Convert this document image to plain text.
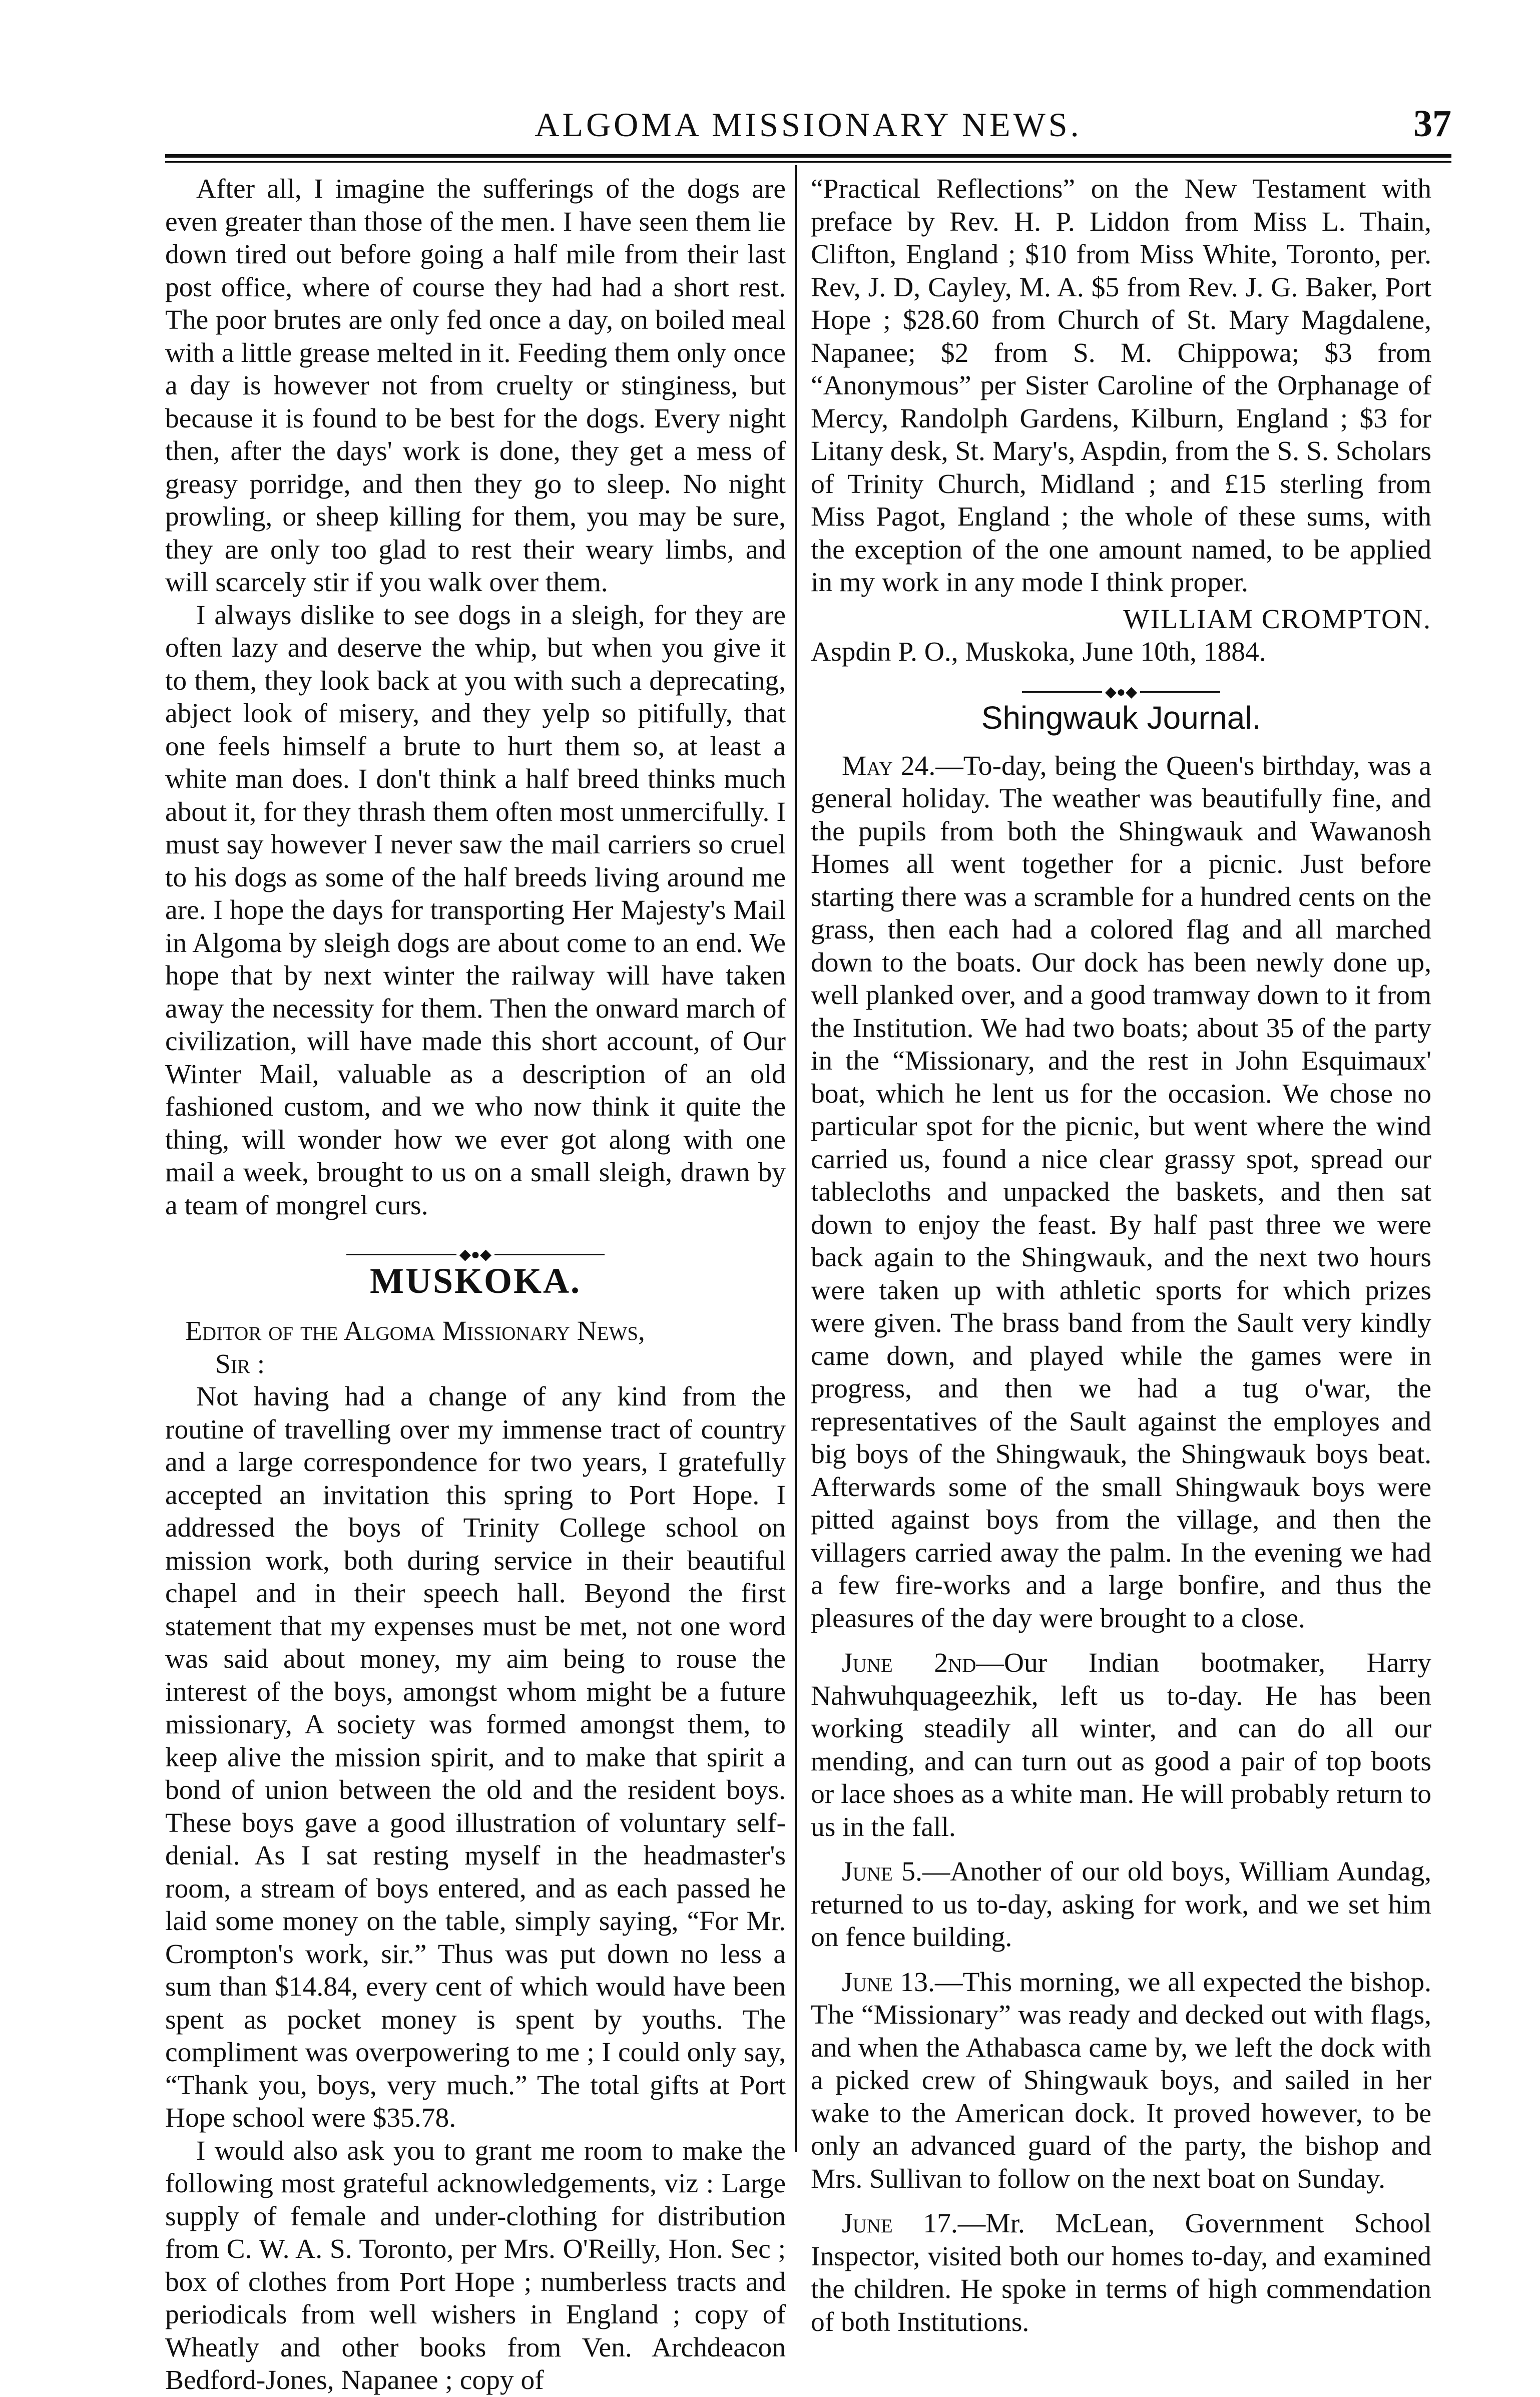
ALGOMA MISSIONARY NEWS.	37

After all, I imagine the sufferings of the dogs are even greater than those of the men. I have seen them lie down tired out before going a half mile from their last post office, where of course they had had a short rest. The poor brutes are only fed once a day, on boiled meal with a little grease melted in it. Feeding them only once a day is however not from cruelty or stinginess, but because it is found to be best for the dogs. Every night then, after the days' work is done, they get a mess of greasy porridge, and then they go to sleep. No night prowling, or sheep killing for them, you may be sure, they are only too glad to rest their weary limbs, and will scarcely stir if you walk over them.

I always dislike to see dogs in a sleigh, for they are often lazy and deserve the whip, but when you give it to them, they look back at you with such a deprecating, abject look of misery, and they yelp so pitifully, that one feels himself a brute to hurt them so, at least a white man does. I don't think a half breed thinks much about it, for they thrash them often most unmercifully. I must say however I never saw the mail carriers so cruel to his dogs as some of the half breeds living around me are. I hope the days for transporting Her Majesty's Mail in Algoma by sleigh dogs are about come to an end. We hope that by next winter the railway will have taken away the necessity for them. Then the onward march of civilization, will have made this short account, of Our Winter Mail, valuable as a description of an old fashioned custom, and we who now think it quite the thing, will wonder how we ever got along with one mail a week, brought to us on a small sleigh, drawn by a team of mongrel curs.

◆●◆
MUSKOKA.

Editor of the Algoma Missionary News,

Sir :

Not having had a change of any kind from the routine of travelling over my immense tract of country and a large correspondence for two years, I gratefully accepted an invitation this spring to Port Hope. I addressed the boys of Trinity College school on mission work, both during service in their beautiful chapel and in their speech hall. Beyond the first statement that my expenses must be met, not one word was said about money, my aim being to rouse the interest of the boys, amongst whom might be a future missionary, A society was formed amongst them, to keep alive the mission spirit, and to make that spirit a bond of union between the old and the resident boys. These boys gave a good illustration of voluntary self-denial. As I sat resting myself in the headmaster's room, a stream of boys entered, and as each passed he laid some money on the table, simply saying, “For Mr. Crompton's work, sir.” Thus was put down no less a sum than $14.84, every cent of which would have been spent as pocket money is spent by youths. The compliment was overpowering to me ; I could only say, “Thank you, boys, very much.” The total gifts at Port Hope school were $35.78.

I would also ask you to grant me room to make the following most grateful acknowledgements, viz : Large supply of female and under-clothing for distribution from C. W. A. S. Toronto, per Mrs. O'Reilly, Hon. Sec ; box of clothes from Port Hope ; numberless tracts and periodicals from well wishers in England ; copy of Wheatly and other books from Ven. Archdeacon Bedford-Jones, Napanee ; copy of

“Practical Reflections” on the New Testament with preface by Rev. H. P. Liddon from Miss L. Thain, Clifton, England ; $10 from Miss White, Toronto, per. Rev, J. D, Cayley, M. A. $5 from Rev. J. G. Baker, Port Hope ; $28.60 from Church of St. Mary Magdalene, Napanee; $2 from S. M. Chippowa; $3 from “Anonymous” per Sister Caroline of the Orphanage of Mercy, Randolph Gardens, Kilburn, England ; $3 for Litany desk, St. Mary's, Aspdin, from the S. S. Scholars of Trinity Church, Midland ; and £15 sterling from Miss Pagot, England ; the whole of these sums, with the exception of the one amount named, to be applied in my work in any mode I think proper.

WILLIAM CROMPTON.

Aspdin P. O., Muskoka, June 10th, 1884.

◆●◆
Shingwauk Journal.

May 24.—To-day, being the Queen's birthday, was a general holiday. The weather was beautifully fine, and the pupils from both the Shingwauk and Wawanosh Homes all went together for a picnic. Just before starting there was a scramble for a hundred cents on the grass, then each had a colored flag and all marched down to the boats. Our dock has been newly done up, well planked over, and a good tramway down to it from the Institution. We had two boats; about 35 of the party in the “Missionary, and the rest in John Esquimaux' boat, which he lent us for the occasion. We chose no particular spot for the picnic, but went where the wind carried us, found a nice clear grassy spot, spread our tablecloths and unpacked the baskets, and then sat down to enjoy the feast. By half past three we were back again to the Shingwauk, and the next two hours were taken up with athletic sports for which prizes were given. The brass band from the Sault very kindly came down, and played while the games were in progress, and then we had a tug o'war, the representatives of the Sault against the employes and big boys of the Shingwauk, the Shingwauk boys beat. Afterwards some of the small Shingwauk boys were pitted against boys from the village, and then the villagers carried away the palm. In the evening we had a few fire-works and a large bonfire, and thus the pleasures of the day were brought to a close.

June 2nd—Our Indian bootmaker, Harry Nahwuhquageezhik, left us to-day. He has been working steadily all winter, and can do all our mending, and can turn out as good a pair of top boots or lace shoes as a white man. He will probably return to us in the fall.

June 5.—Another of our old boys, William Aundag, returned to us to-day, asking for work, and we set him on fence building.

June 13.—This morning, we all expected the bishop. The “Missionary” was ready and decked out with flags, and when the Athabasca came by, we left the dock with a picked crew of Shingwauk boys, and sailed in her wake to the American dock. It proved however, to be only an advanced guard of the party, the bishop and Mrs. Sullivan to follow on the next boat on Sunday.

June 17.—Mr. McLean, Government School Inspector, visited both our homes to-day, and examined the children. He spoke in terms of high commendation of both Institutions.
